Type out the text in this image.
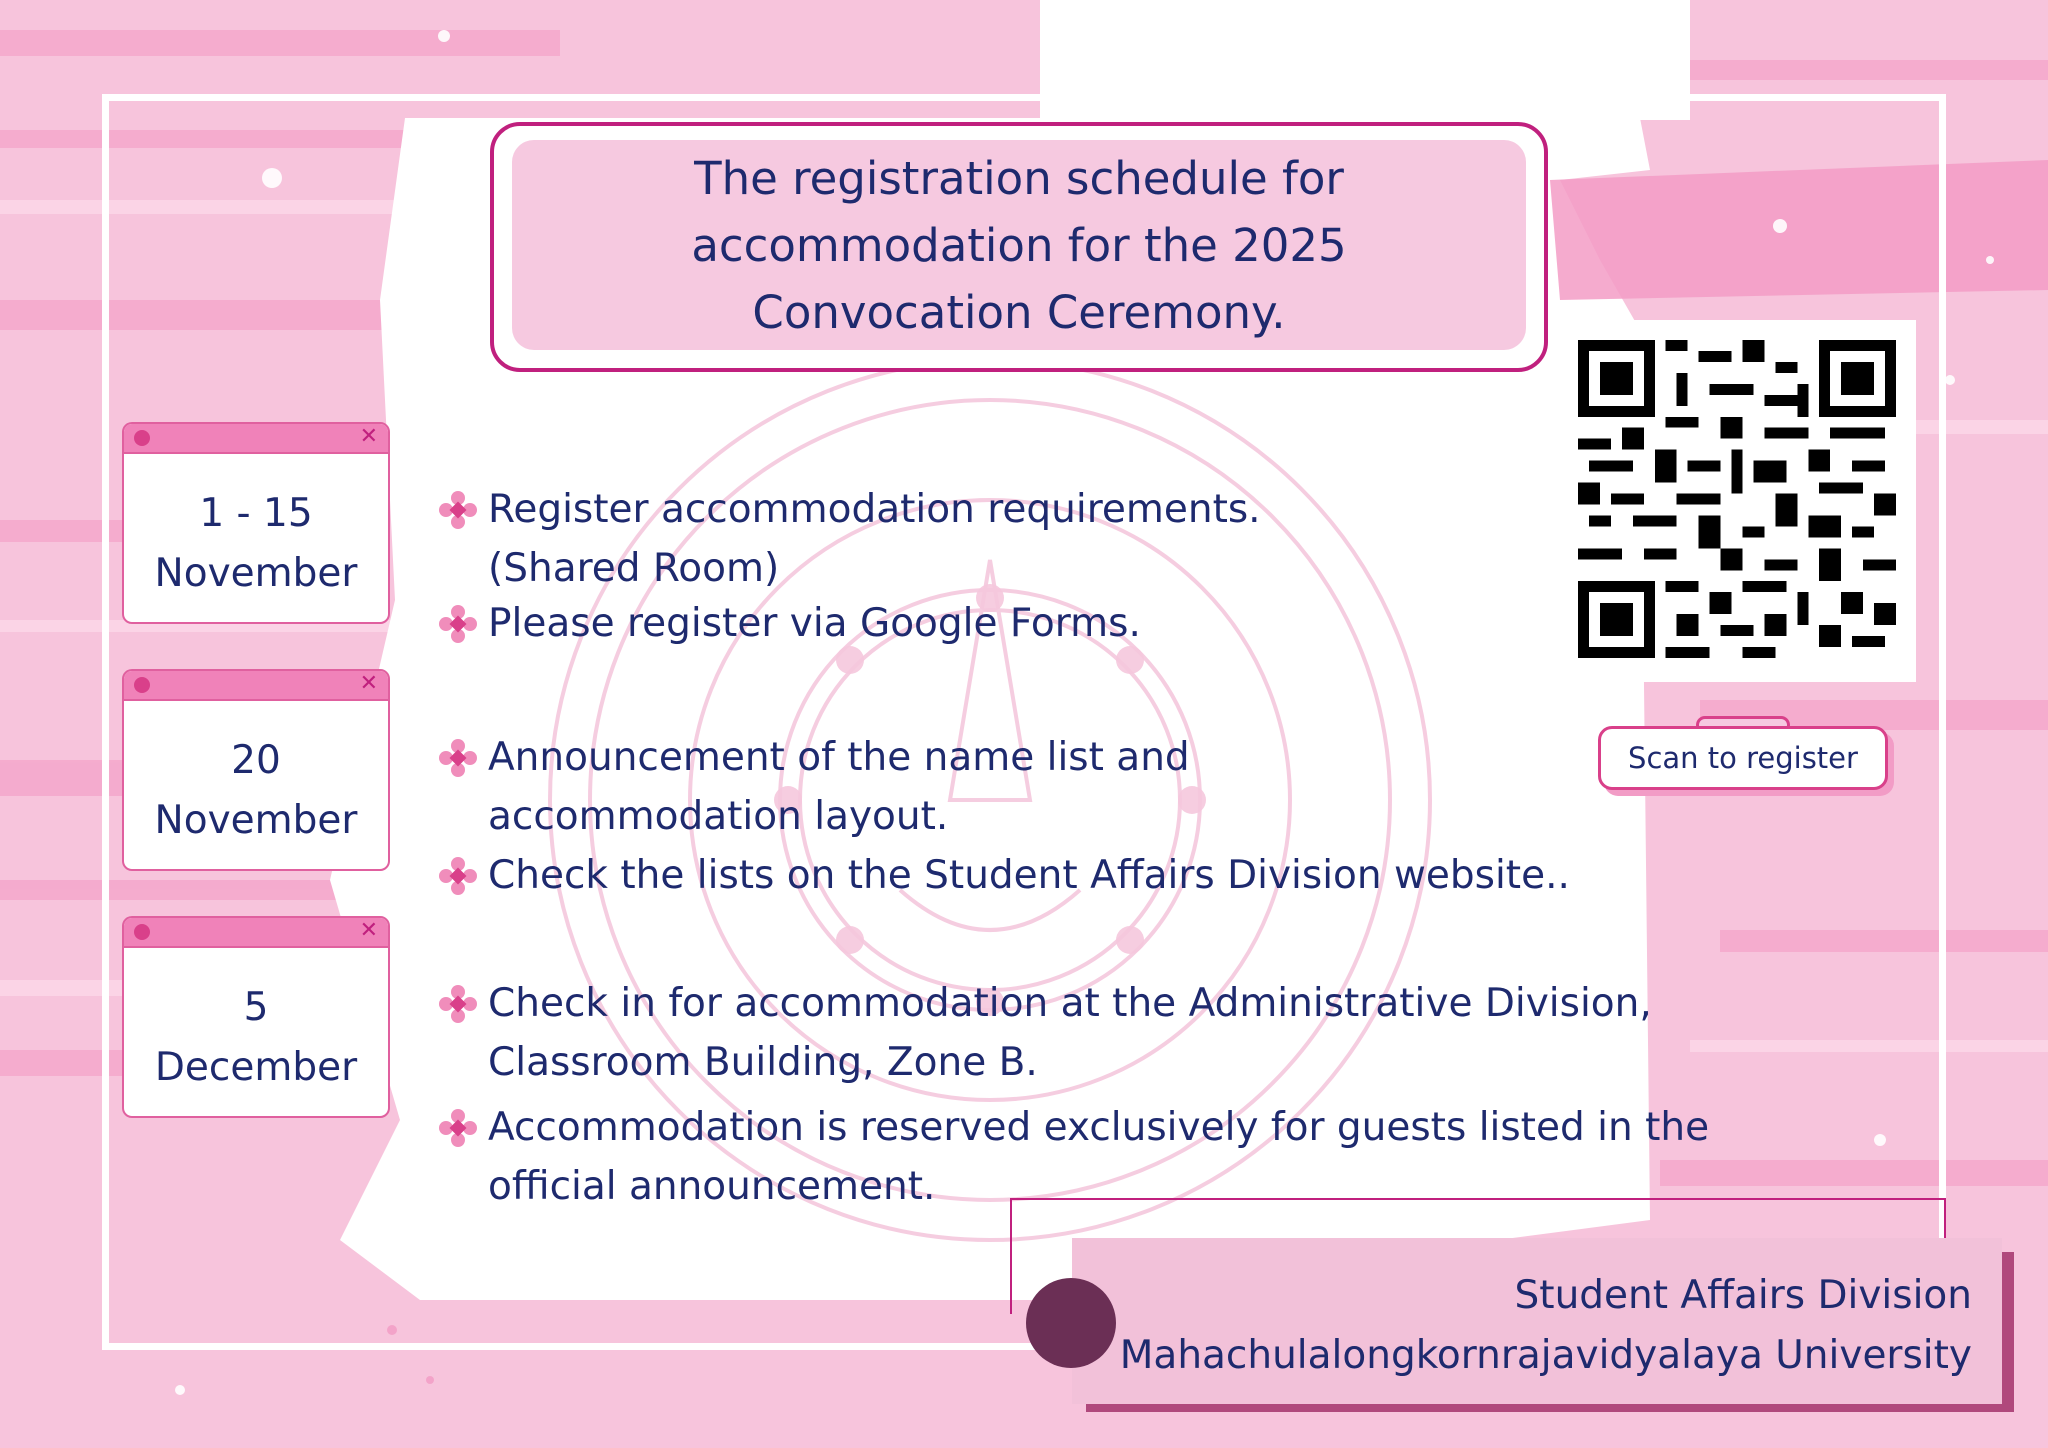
The registration schedule for
accommodation for the 2025
Convocation Ceremony.
✕
1 - 15
November
✕
20
November
✕
5
December
Register accommodation requirements.
(Shared Room)
Please register via Google Forms.
Announcement of the name list and
accommodation layout.
Check the lists on the Student Affairs Division website..
Check in for accommodation at the Administrative Division,
Classroom Building, Zone B.
Accommodation is reserved exclusively for guests listed in the
official announcement.
Scan to register
Student Affairs Division
Mahachulalongkornrajavidyalaya University
